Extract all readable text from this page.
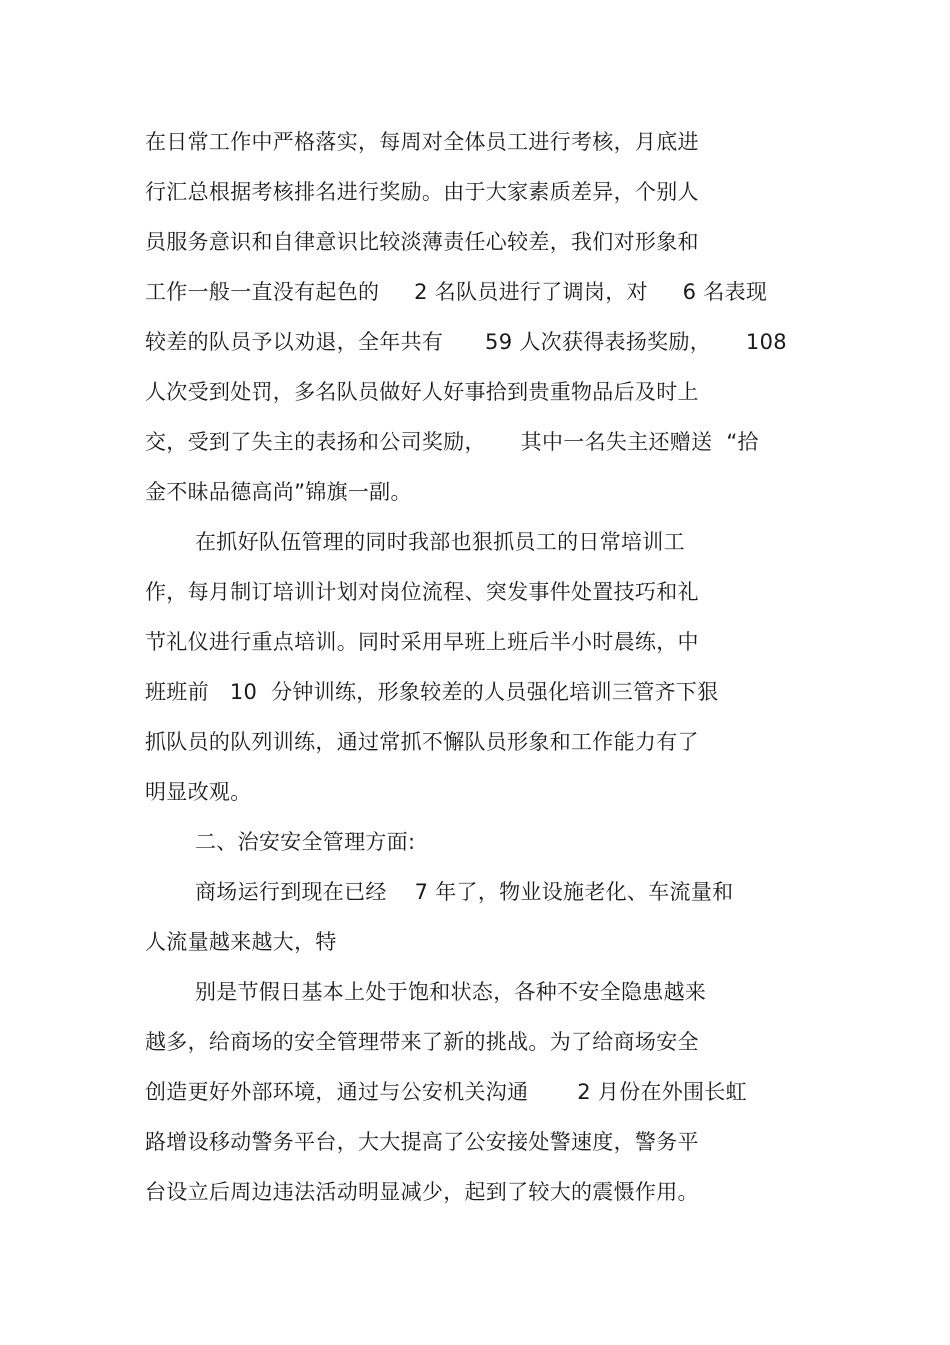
在日常工作中严格落实，每周对全体员工进行考核，月底进
行汇总根据考核排名进行奖励。由于大家素质差异，个别人
员服务意识和自律意识比较淡薄责任心较差，我们对形象和
工作一般一直没有起色的     2 名队员进行了调岗，对     6 名表现
较差的队员予以劝退，全年共有      59 人次获得表扬奖励，     108
人次受到处罚，多名队员做好人好事拾到贵重物品后及时上
交，受到了失主的表扬和公司奖励，     其中一名失主还赠送  “拾
金不昧品德高尚”锦旗一副。
在抓好队伍管理的同时我部也狠抓员工的日常培训工
作，每月制订培训计划对岗位流程、突发事件处置技巧和礼
节礼仪进行重点培训。同时采用早班上班后半小时晨练，中
班班前   10  分钟训练，形象较差的人员强化培训三管齐下狠
抓队员的队列训练，通过常抓不懈队员形象和工作能力有了
明显改观。
二、治安安全管理方面:
商场运行到现在已经    7 年了，物业设施老化、车流量和
人流量越来越大，特
别是节假日基本上处于饱和状态，各种不安全隐患越来
越多，给商场的安全管理带来了新的挑战。为了给商场安全
创造更好外部环境，通过与公安机关沟通       2 月份在外围长虹
路增设移动警务平台，大大提高了公安接处警速度，警务平
台设立后周边违法活动明显减少，起到了较大的震慑作用。
